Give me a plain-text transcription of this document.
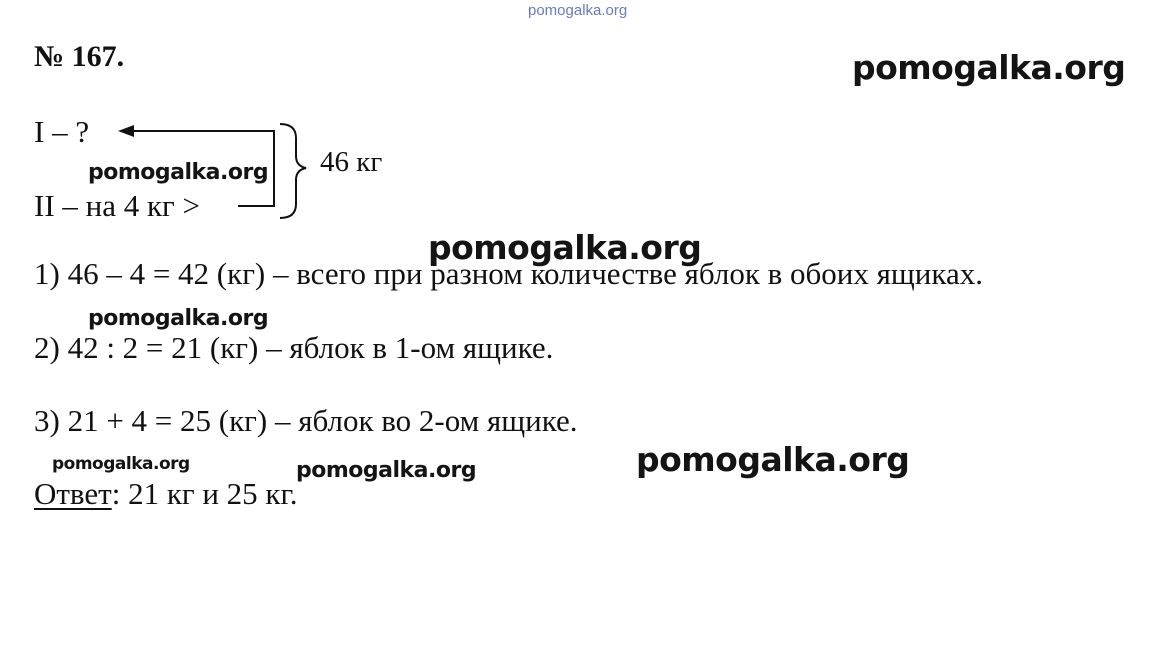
pomogalka.org
№ 167.
I – ?
II – на 4 кг >
46 кг
1) 46 – 4 = 42 (кг) – всего при разном количестве яблок в обоих ящиках.
2) 42 : 2 = 21 (кг) – яблок в 1-ом ящике.
3) 21 + 4 = 25 (кг) – яблок во 2-ом ящике.
Ответ: 21 кг и 25 кг.
pomogalka.org
pomogalka.org
pomogalka.org
pomogalka.org
pomogalka.org	pomogalka.org	pomogalka.org
